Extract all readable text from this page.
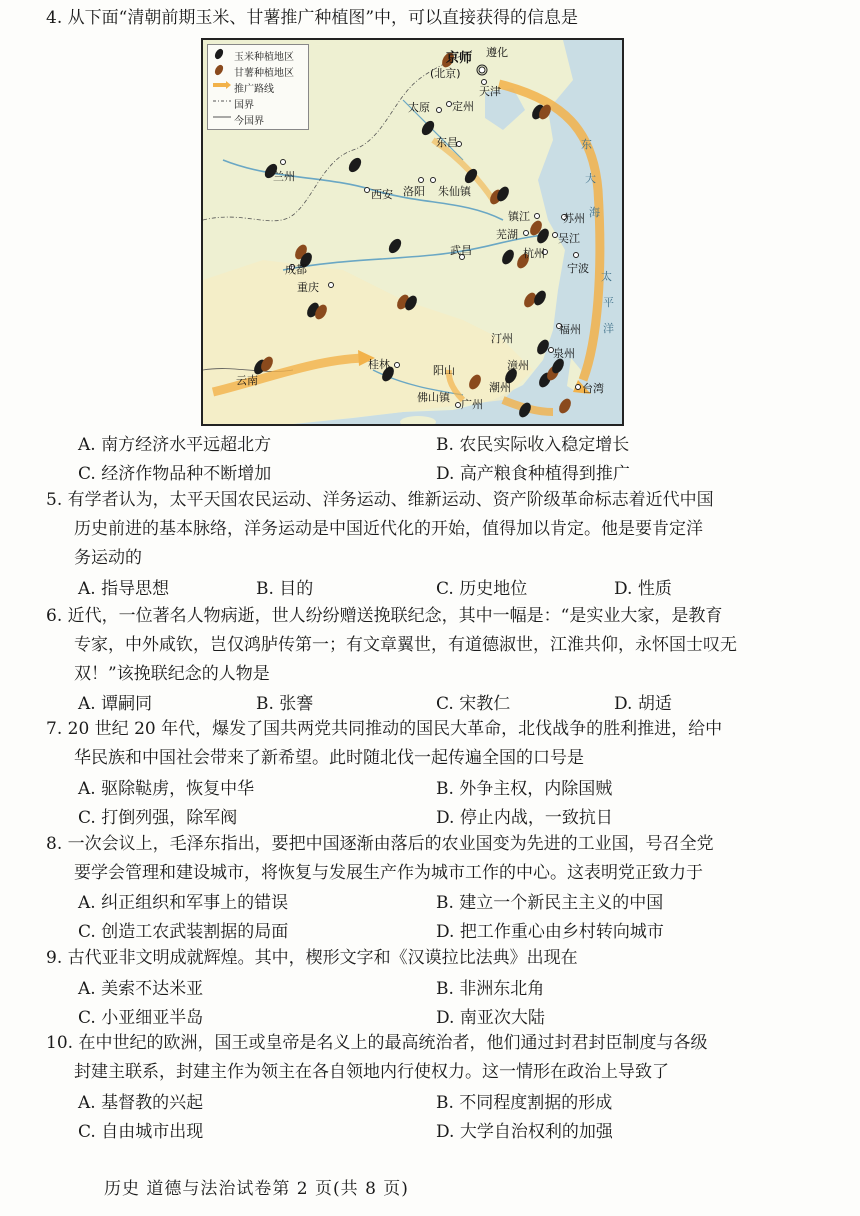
4. 从下面“清朝前期玉米、甘薯推广种植图”中，可以直接获得的信息是
玉米种植地区
甘薯种植地区
推广路线
国界
今国界
京师
(北京)
遵化
天津
太原 定州
东昌
兰州
西安 洛阳 朱仙镇
镇江	苏州
芜湖	吴江
杭州
宁波
武昌
成都
重庆
汀州
福州
泉州
漳州
桂林	阳山
潮州
云南
佛山镇
广州
台湾
东
大
海
太
平
洋
A. 南方经济水平远超北方	B. 农民实际收入稳定增长
C. 经济作物品种不断增加	D. 高产粮食种植得到推广
5. 有学者认为，太平天国农民运动、洋务运动、维新运动、资产阶级革命标志着近代中国
历史前进的基本脉络，洋务运动是中国近代化的开始，值得加以肯定。他是要肯定洋
务运动的
A. 指导思想	B. 目的	C. 历史地位	D. 性质
6. 近代，一位著名人物病逝，世人纷纷赠送挽联纪念，其中一幅是：“是实业大家，是教育
专家，中外咸钦，岂仅鸿胪传第一；有文章翼世，有道德淑世，江淮共仰，永怀国士叹无
双！”该挽联纪念的人物是
A. 谭嗣同	B. 张謇	C. 宋教仁	D. 胡适
7. 20 世纪 20 年代，爆发了国共两党共同推动的国民大革命，北伐战争的胜利推进，给中
华民族和中国社会带来了新希望。此时随北伐一起传遍全国的口号是
A. 驱除鞑虏，恢复中华	B. 外争主权，内除国贼
C. 打倒列强，除军阀	D. 停止内战，一致抗日
8. 一次会议上，毛泽东指出，要把中国逐渐由落后的农业国变为先进的工业国，号召全党
要学会管理和建设城市，将恢复与发展生产作为城市工作的中心。这表明党正致力于
A. 纠正组织和军事上的错误	B. 建立一个新民主主义的中国
C. 创造工农武装割据的局面	D. 把工作重心由乡村转向城市
9. 古代亚非文明成就辉煌。其中，楔形文字和《汉谟拉比法典》出现在
A. 美索不达米亚	B. 非洲东北角
C. 小亚细亚半岛	D. 南亚次大陆
10. 在中世纪的欧洲，国王或皇帝是名义上的最高统治者，他们通过封君封臣制度与各级
封建主联系，封建主作为领主在各自领地内行使权力。这一情形在政治上导致了
A. 基督教的兴起	B. 不同程度割据的形成
C. 自由城市出现	D. 大学自治权利的加强
历史 道德与法治试卷第 2 页(共 8 页)
